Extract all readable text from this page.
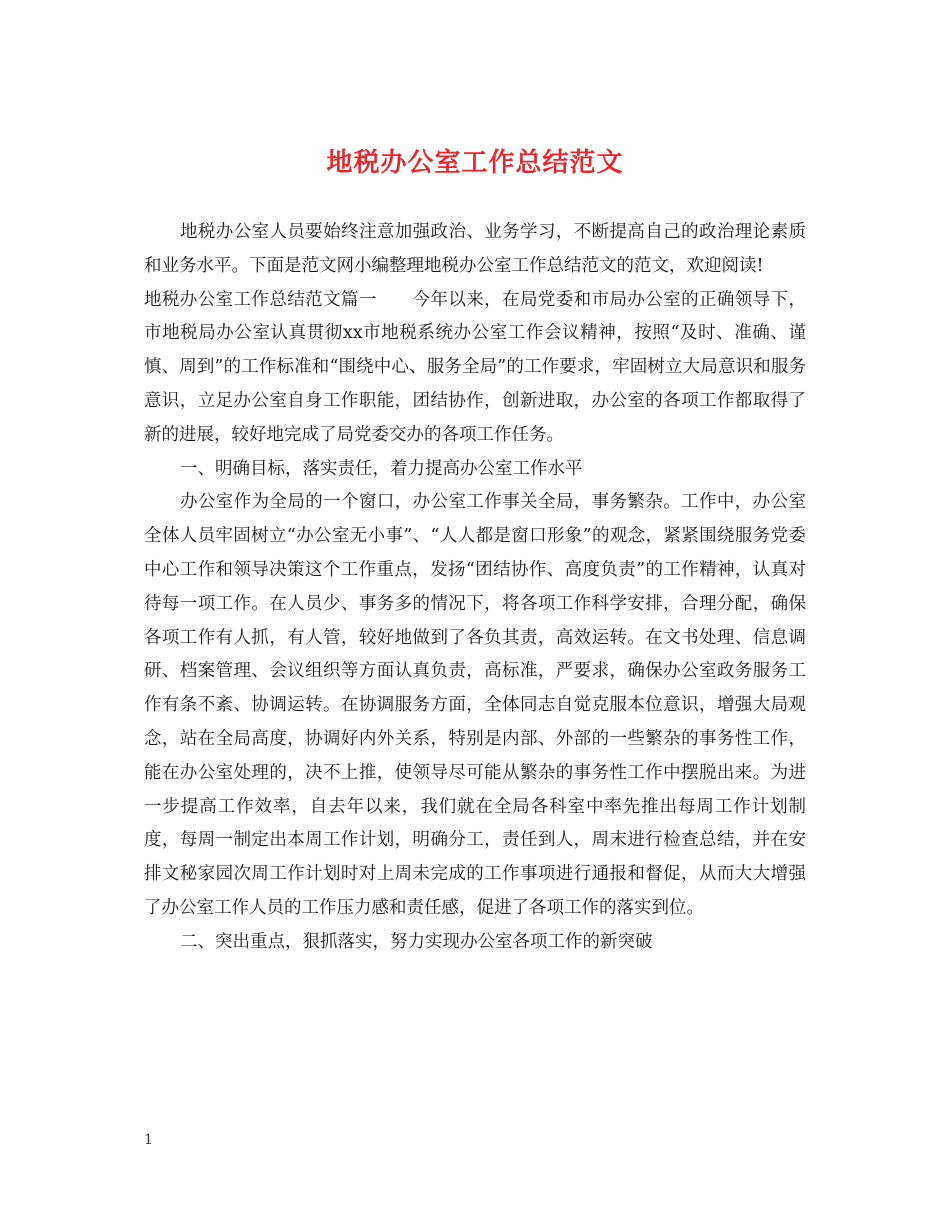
地税办公室工作总结范文

地税办公室人员要始终注意加强政治、业务学习，不断提高自己的政治理论素质和业务水平。下面是范文网小编整理地税办公室工作总结范文的范文，欢迎阅读!

地税办公室工作总结范文篇一　　今年以来，在局党委和市局办公室的正确领导下，市地税局办公室认真贯彻xx市地税系统办公室工作会议精神，按照“及时、准确、谨慎、周到”的工作标准和“围绕中心、服务全局”的工作要求，牢固树立大局意识和服务意识，立足办公室自身工作职能，团结协作，创新进取，办公室的各项工作都取得了新的进展，较好地完成了局党委交办的各项工作任务。

一、明确目标，落实责任，着力提高办公室工作水平

办公室作为全局的一个窗口，办公室工作事关全局，事务繁杂。工作中，办公室全体人员牢固树立“办公室无小事”、“人人都是窗口形象”的观念，紧紧围绕服务党委中心工作和领导决策这个工作重点，发扬“团结协作、高度负责”的工作精神，认真对待每一项工作。在人员少、事务多的情况下，将各项工作科学安排，合理分配，确保各项工作有人抓，有人管，较好地做到了各负其责，高效运转。在文书处理、信息调研、档案管理、会议组织等方面认真负责，高标准，严要求，确保办公室政务服务工作有条不紊、协调运转。在协调服务方面，全体同志自觉克服本位意识，增强大局观念，站在全局高度，协调好内外关系，特别是内部、外部的一些繁杂的事务性工作，能在办公室处理的，决不上推，使领导尽可能从繁杂的事务性工作中摆脱出来。为进一步提高工作效率，自去年以来，我们就在全局各科室中率先推出每周工作计划制度，每周一制定出本周工作计划，明确分工，责任到人，周末进行检查总结，并在安排文秘家园次周工作计划时对上周未完成的工作事项进行通报和督促，从而大大增强了办公室工作人员的工作压力感和责任感，促进了各项工作的落实到位。

二、突出重点，狠抓落实，努力实现办公室各项工作的新突破

1
